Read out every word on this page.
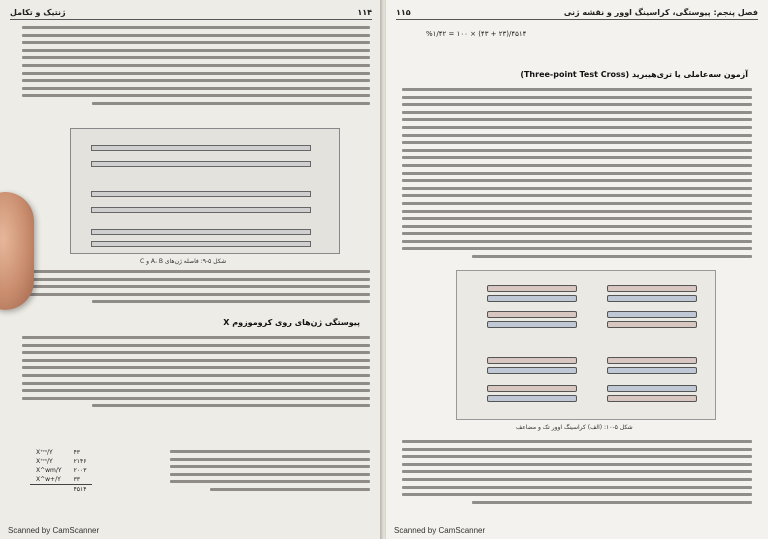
۱۱۴
ژنتیک و تکامل
شکل ۵-۹: فاصله ژن‌های A، B و C
پیوستگی ژن‌های روی کروموزوم X
X⁺ᵐ/Y	۴۳
X⁺ᵐ/Y	۲۱۴۶
X^wm/Y	۲۰۰۳
X^w+/Y	۳۳
	۴۵۱۴
Scanned by CamScanner
فصل پنجم: پیوستگی، کراسینگ اوور و نقشه ژنی
۱۱۵
%۱/۴۲ = ۱۰۰ × (۴۳ + ۲۳)/۴۵۱۴
آزمون سه‌عاملی یا تری‌هیبرید (Three-point Test Cross)
شکل ۵-۱۰: (الف) کراسینگ اوور تک و مضاعف
Scanned by CamScanner
